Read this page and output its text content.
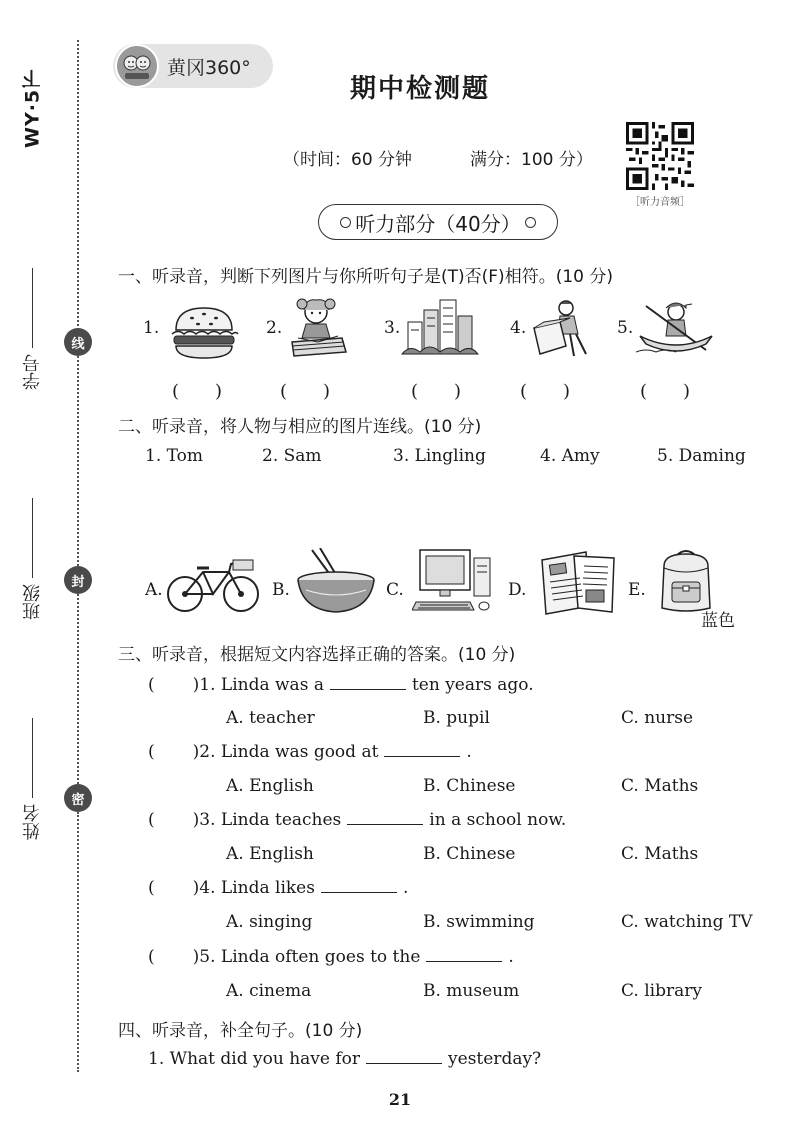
WY·5下
线
封
密
学号
班级
姓名
黄冈360°
期中检测题
（时间：60 分钟	满分：100 分）
［听力音频］
听力部分（40分）
一、听录音，判断下列图片与你所听句子是(T)否(F)相符。(10 分)
1.	2.	3.	4.	5.
(　　)	(　　)	(　　)	(　　)	(　　)
二、听录音，将人物与相应的图片连线。(10 分)
1. Tom	2. Sam	3. Lingling	4. Amy	5. Daming
A.	B.	C.	D.	E.
蓝色
三、听录音，根据短文内容选择正确的答案。(10 分)
( )1. Linda was a	ten years ago.
A. teacher	B. pupil	C. nurse
( )2. Linda was good at	.
A. English	B. Chinese	C. Maths
( )3. Linda teaches	in a school now.
A. English	B. Chinese	C. Maths
( )4. Linda likes	.
A. singing	B. swimming	C. watching TV
( )5. Linda often goes to the	.
A. cinema	B. museum	C. library
四、听录音，补全句子。(10 分)
1. What did you have for	yesterday?
21
